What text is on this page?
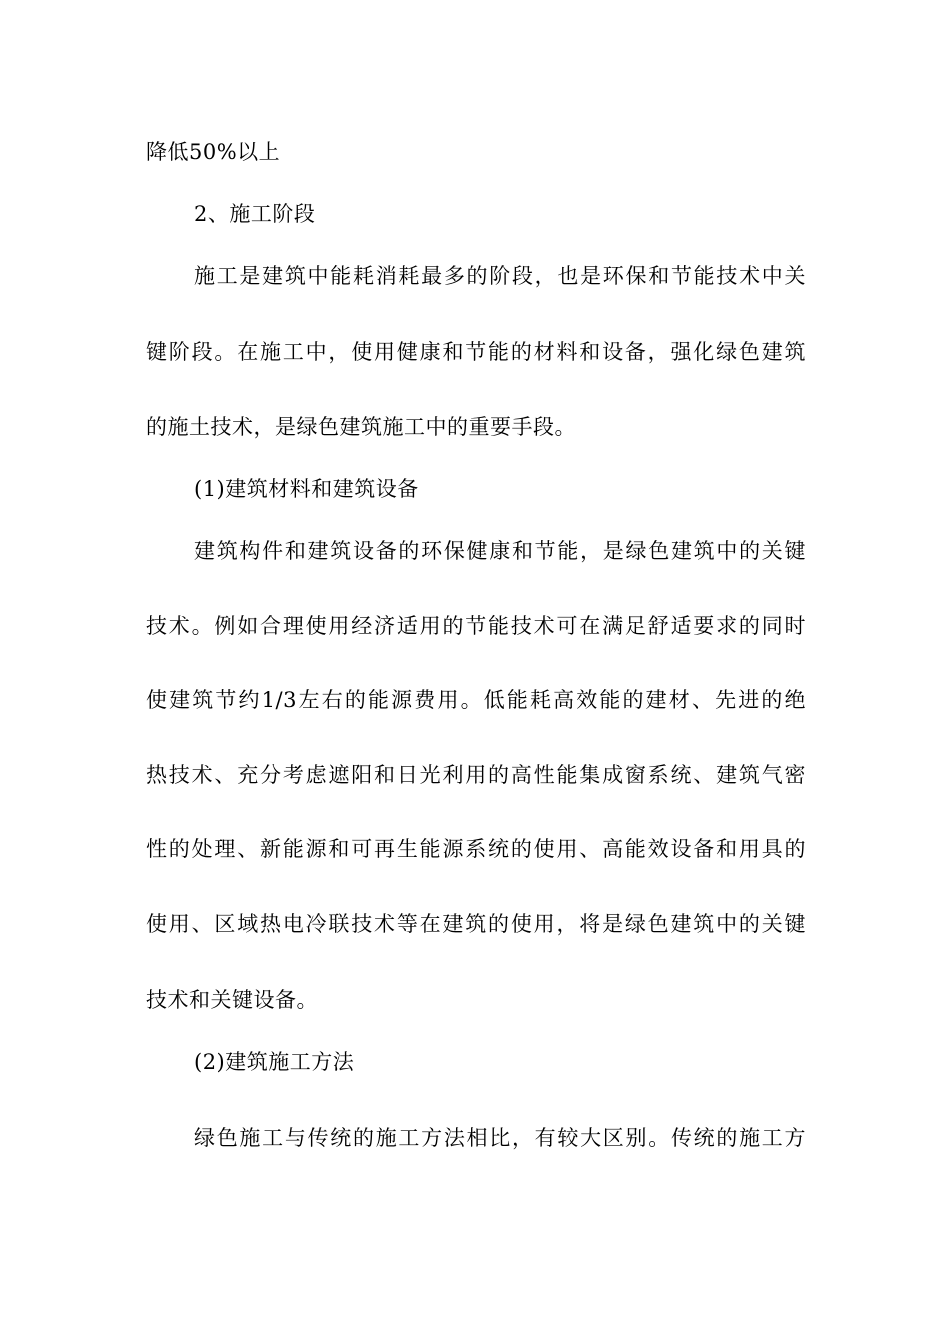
降低50%以上
2、施工阶段
施工是建筑中能耗消耗最多的阶段，也是环保和节能技术中关
键阶段。在施工中，使用健康和节能的材料和设备，强化绿色建筑
的施土技术，是绿色建筑施工中的重要手段。
(1)建筑材料和建筑设备
建筑构件和建筑设备的环保健康和节能，是绿色建筑中的关键
技术。例如合理使用经济适用的节能技术可在满足舒适要求的同时
使建筑节约1/3左右的能源费用。低能耗高效能的建材、先进的绝
热技术、充分考虑遮阳和日光利用的高性能集成窗系统、建筑气密
性的处理、新能源和可再生能源系统的使用、高能效设备和用具的
使用、区域热电冷联技术等在建筑的使用，将是绿色建筑中的关键
技术和关键设备。
(2)建筑施工方法
绿色施工与传统的施工方法相比，有较大区别。传统的施工方
